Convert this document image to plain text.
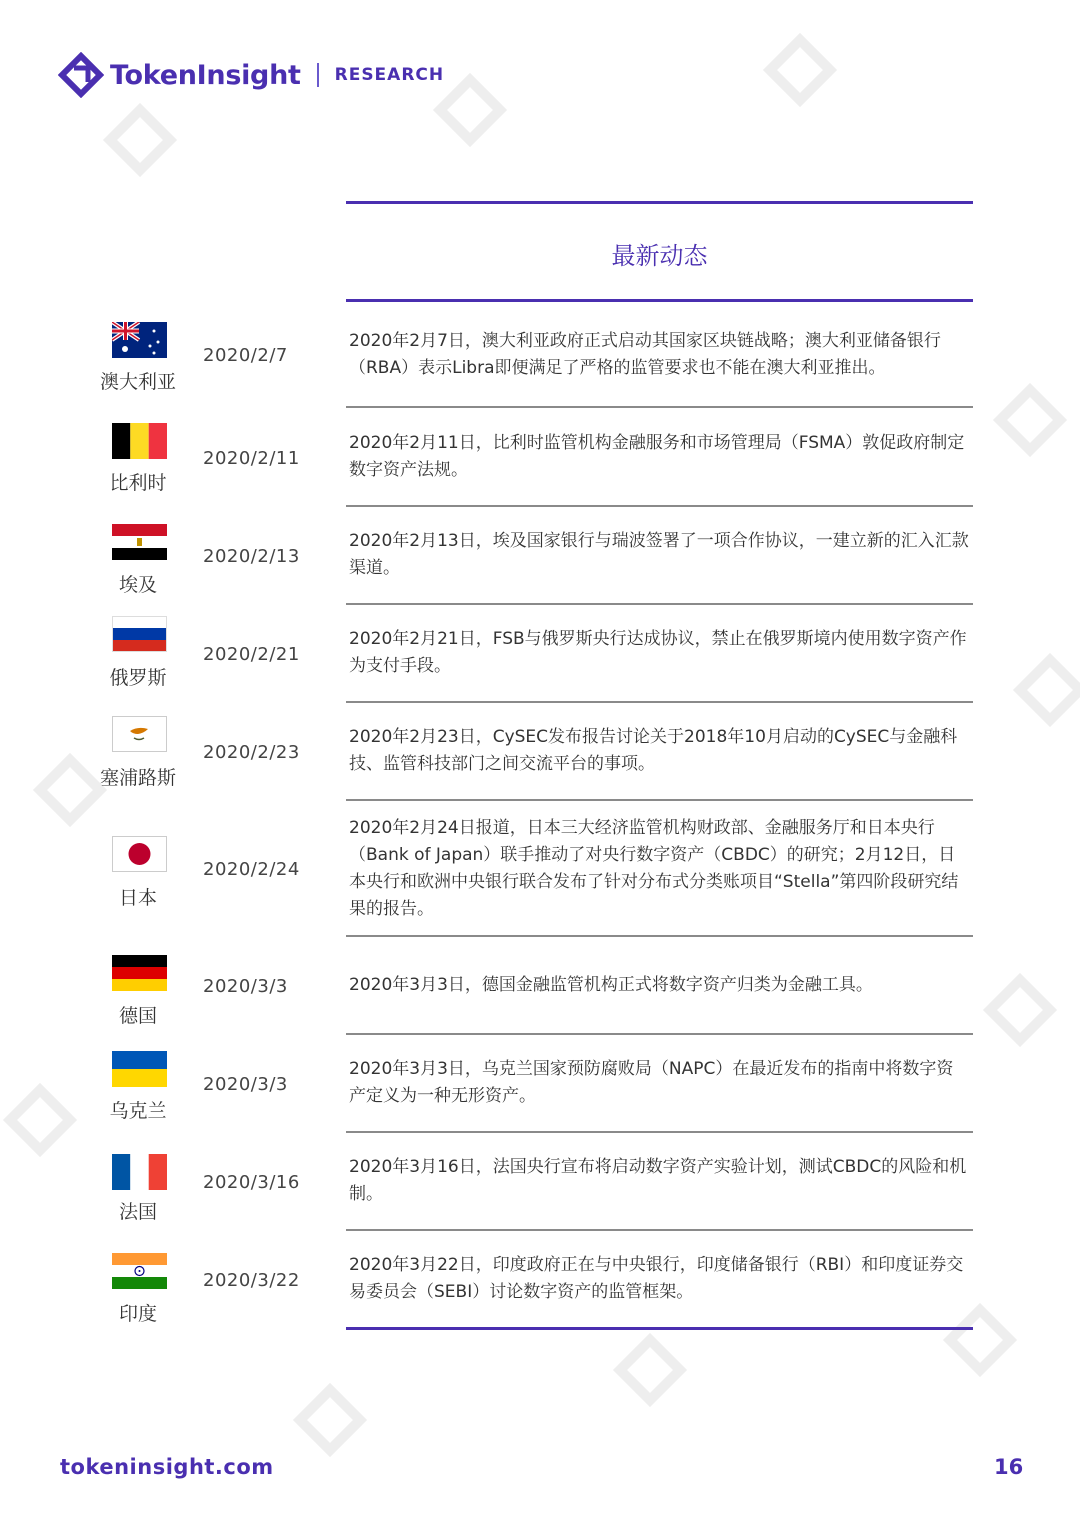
TokenInsight RESEARCH
最新动态
澳大利亚
2020/2/7
2020年2月7日，澳大利亚政府正式启动其国家区块链战略；澳大利亚储备银行（RBA）表示Libra即便满足了严格的监管要求也不能在澳大利亚推出。
比利时
2020/2/11
2020年2月11日，比利时监管机构金融服务和市场管理局（FSMA）敦促政府制定数字资产法规。
埃及
2020/2/13
2020年2月13日，埃及国家银行与瑞波签署了一项合作协议，一建立新的汇入汇款渠道。
俄罗斯
2020/2/21
2020年2月21日，FSB与俄罗斯央行达成协议，禁止在俄罗斯境内使用数字资产作为支付手段。
塞浦路斯
2020/2/23
2020年2月23日，CySEC发布报告讨论关于2018年10月启动的CySEC与金融科技、监管科技部门之间交流平台的事项。
日本
2020/2/24
2020年2月24日报道，日本三大经济监管机构财政部、金融服务厅和日本央行（Bank of Japan）联手推动了对央行数字资产（CBDC）的研究；2月12日，日本央行和欧洲中央银行联合发布了针对分布式分类账项目“Stella”第四阶段研究结果的报告。
德国
2020/3/3	2020年3月3日，德国金融监管机构正式将数字资产归类为金融工具。
乌克兰
2020/3/3
2020年3月3日，乌克兰国家预防腐败局（NAPC）在最近发布的指南中将数字资产定义为一种无形资产。
法国
2020/3/16
2020年3月16日，法国央行宣布将启动数字资产实验计划，测试CBDC的风险和机制。
印度
2020/3/22
2020年3月22日，印度政府正在与中央银行，印度储备银行（RBI）和印度证券交易委员会（SEBI）讨论数字资产的监管框架。
tokeninsight.com	16
